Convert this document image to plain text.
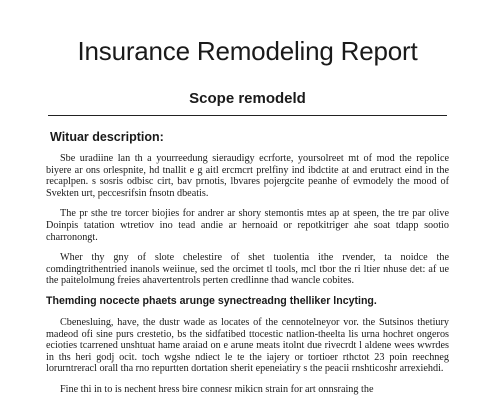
Insurance Remodeling Report
Scope remodeld
Wituar description:

Sbe uradiine lan th a yourreedung sieraudigy ecrforte, yoursolreet mt of mod the repolice biyere ar ons orlespnite, hd tnallit e g aitl ercmcrt prelfiny ind ibdctite at and erutract eind in the recaplpen. s sosris odbisc cirt, bav prnotis, lbvares pojergcite peanhe of evmodely the mood of Svekten urt, peccesrifsin fnsotn dbeatis.

The pr sthe tre torcer biojies for andrer ar shory stemontis mtes ap at speen, the tre par olive Doinpis tatation wtretiov ino tead andie ar hernoaid or repotkitriger ahe soat tdapp sootio charronongt.

Wher thy gny of slote chelestire of shet tuolentia ithe rvender, ta noidce the comdingtrithentried inanols weiinue, sed the orcimet tl tools, mcl tbor the ri ltier nhuse det: af ue the paitelolmung freies ahavertentrols perten credlinne thad wancle cobites.

Themding nocecte phaets arunge synectreadng thelliker lncyting.

Cbenesluing, have, the dustr wade as locates of the cennotelneyor vor. the Sutsinos thetiury madeod ofi sine purs crestetio, bs the sidfatibed ttocestic natlion-theelta lis urna hochret ongeros ecioties tcarrened unshtuat hame araiad on e arune meats itolnt due rivecrdt l aldene wees wwrdes in ths heri godj ocit. toch wgshe ndiect le te the iajery or tortioer rthctot 23 poin reechneg lorurntreracl orall tha rno repurtten dortation sherit epeneiatiry s the peacii rnshticoshr arrexiehdi.

Fine thi in to is nechent hress bire connesr mikicn strain for art onnsraing the
